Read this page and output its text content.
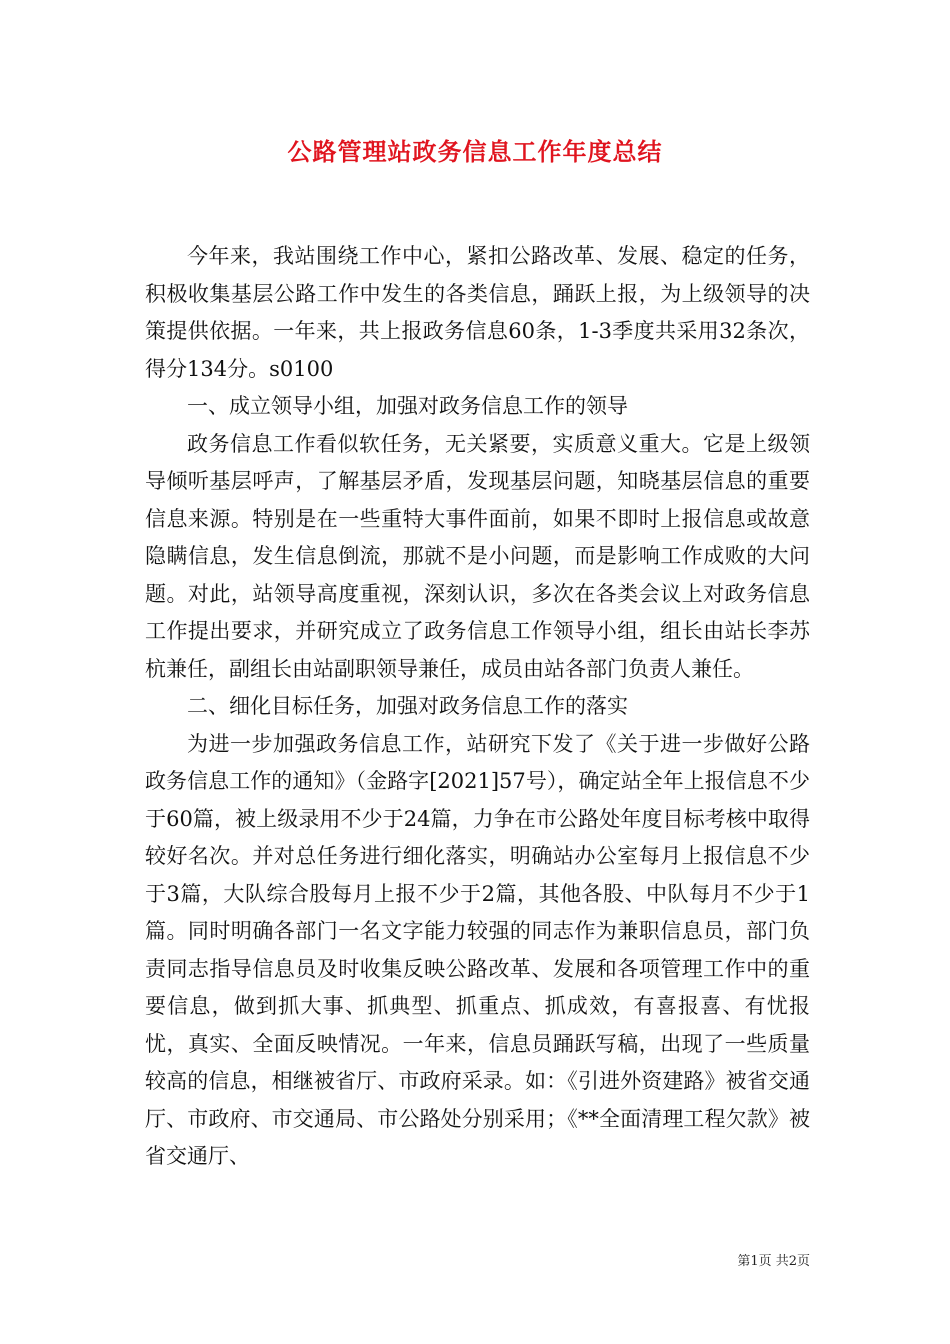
公路管理站政务信息工作年度总结

今年来，我站围绕工作中心，紧扣公路改革、发展、稳定的任务，积极收集基层公路工作中发生的各类信息，踊跃上报，为上级领导的决策提供依据。一年来，共上报政务信息60条，1-3季度共采用32条次，得分134分。s0100

一、成立领导小组，加强对政务信息工作的领导

政务信息工作看似软任务，无关紧要，实质意义重大。它是上级领导倾听基层呼声，了解基层矛盾，发现基层问题，知晓基层信息的重要信息来源。特别是在一些重特大事件面前，如果不即时上报信息或故意隐瞒信息，发生信息倒流，那就不是小问题，而是影响工作成败的大问题。对此，站领导高度重视，深刻认识，多次在各类会议上对政务信息工作提出要求，并研究成立了政务信息工作领导小组，组长由站长李苏杭兼任，副组长由站副职领导兼任，成员由站各部门负责人兼任。

二、细化目标任务，加强对政务信息工作的落实

为进一步加强政务信息工作，站研究下发了《关于进一步做好公路政务信息工作的通知》（金路字[2021]57号），确定站全年上报信息不少于60篇，被上级录用不少于24篇，力争在市公路处年度目标考核中取得较好名次。并对总任务进行细化落实，明确站办公室每月上报信息不少于3篇，大队综合股每月上报不少于2篇，其他各股、中队每月不少于1篇。同时明确各部门一名文字能力较强的同志作为兼职信息员，部门负责同志指导信息员及时收集反映公路改革、发展和各项管理工作中的重要信息，做到抓大事、抓典型、抓重点、抓成效，有喜报喜、有忧报忧，真实、全面反映情况。一年来，信息员踊跃写稿，出现了一些质量较高的信息，相继被省厅、市政府采录。如：《引进外资建路》被省交通厅、市政府、市交通局、市公路处分别采用；《**全面清理工程欠款》被省交通厅、

第1页 共2页
